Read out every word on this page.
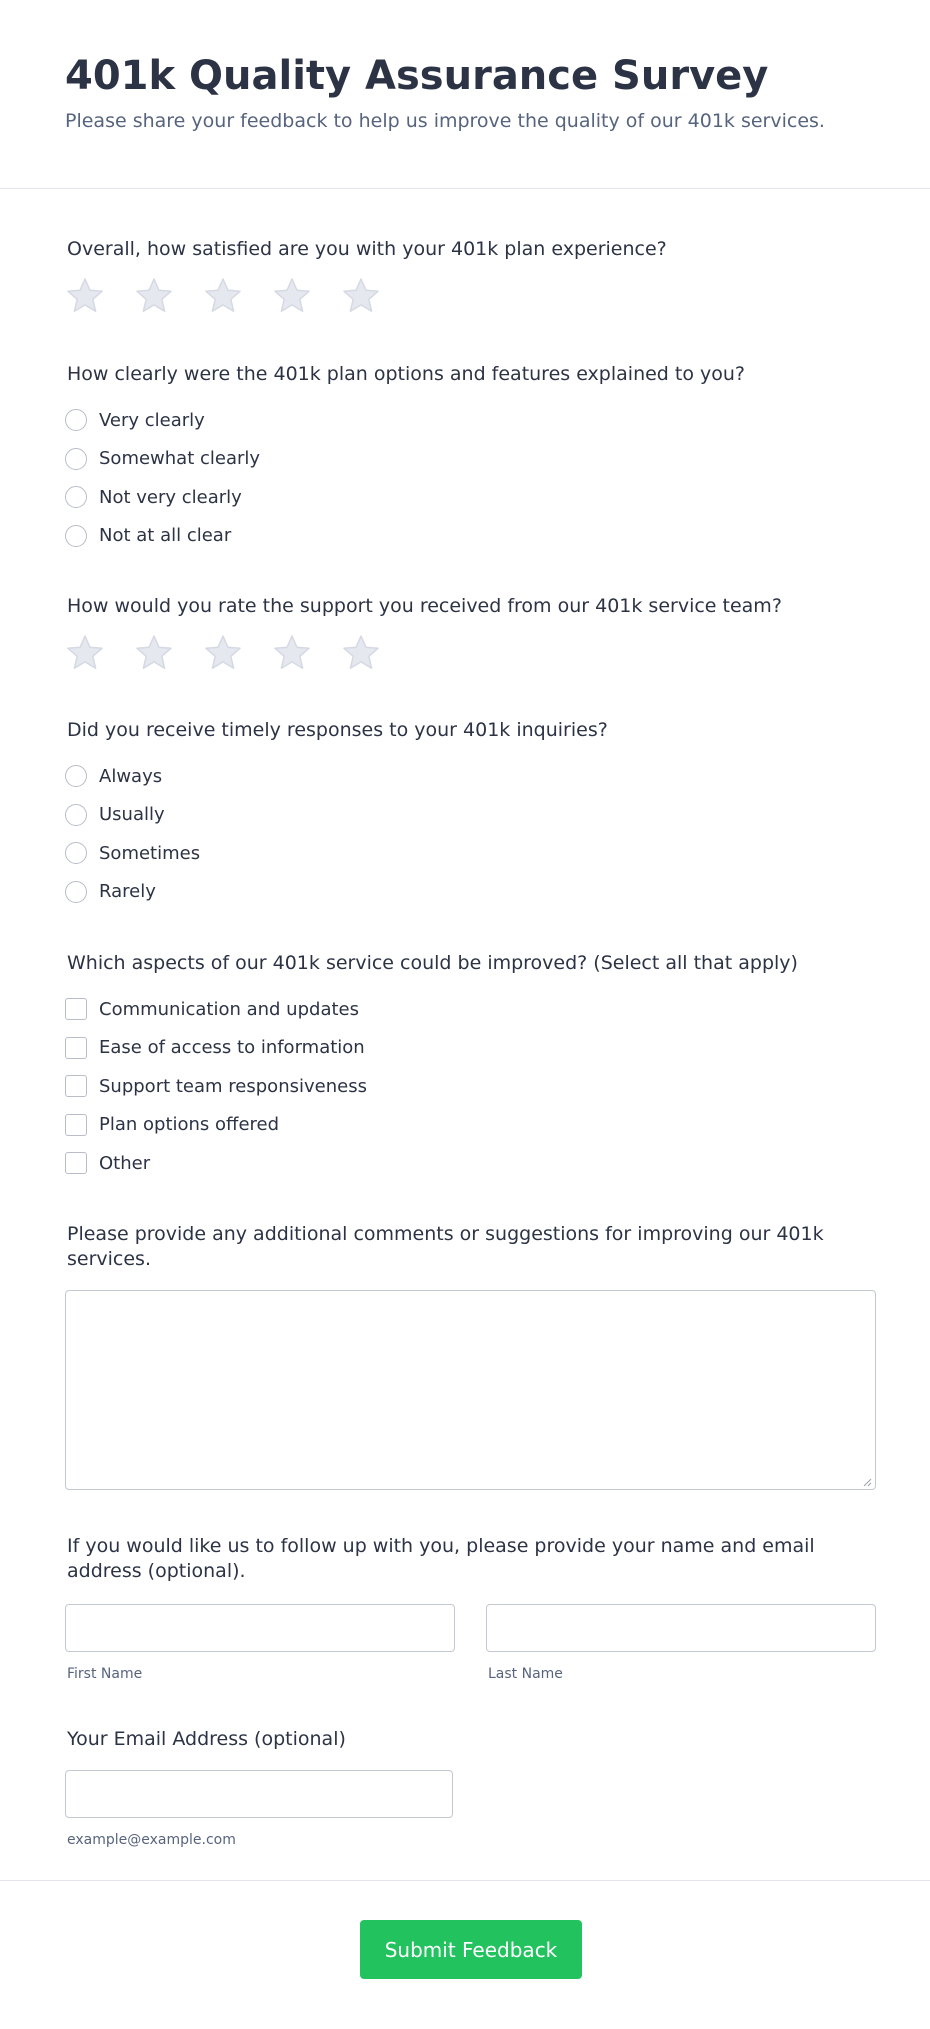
401k Quality Assurance Survey
Please share your feedback to help us improve the quality of our 401k services.
Overall, how satisfied are you with your 401k plan experience?
How clearly were the 401k plan options and features explained to you?
Very clearly
Somewhat clearly
Not very clearly
Not at all clear
How would you rate the support you received from our 401k service team?
Did you receive timely responses to your 401k inquiries?
Always
Usually
Sometimes
Rarely
Which aspects of our 401k service could be improved? (Select all that apply)
Communication and updates
Ease of access to information
Support team responsiveness
Plan options offered
Other
Please provide any additional comments or suggestions for improving our 401k services.
If you would like us to follow up with you, please provide your name and email address (optional).
First Name	Last Name
Your Email Address (optional)
example@example.com
Submit Feedback
